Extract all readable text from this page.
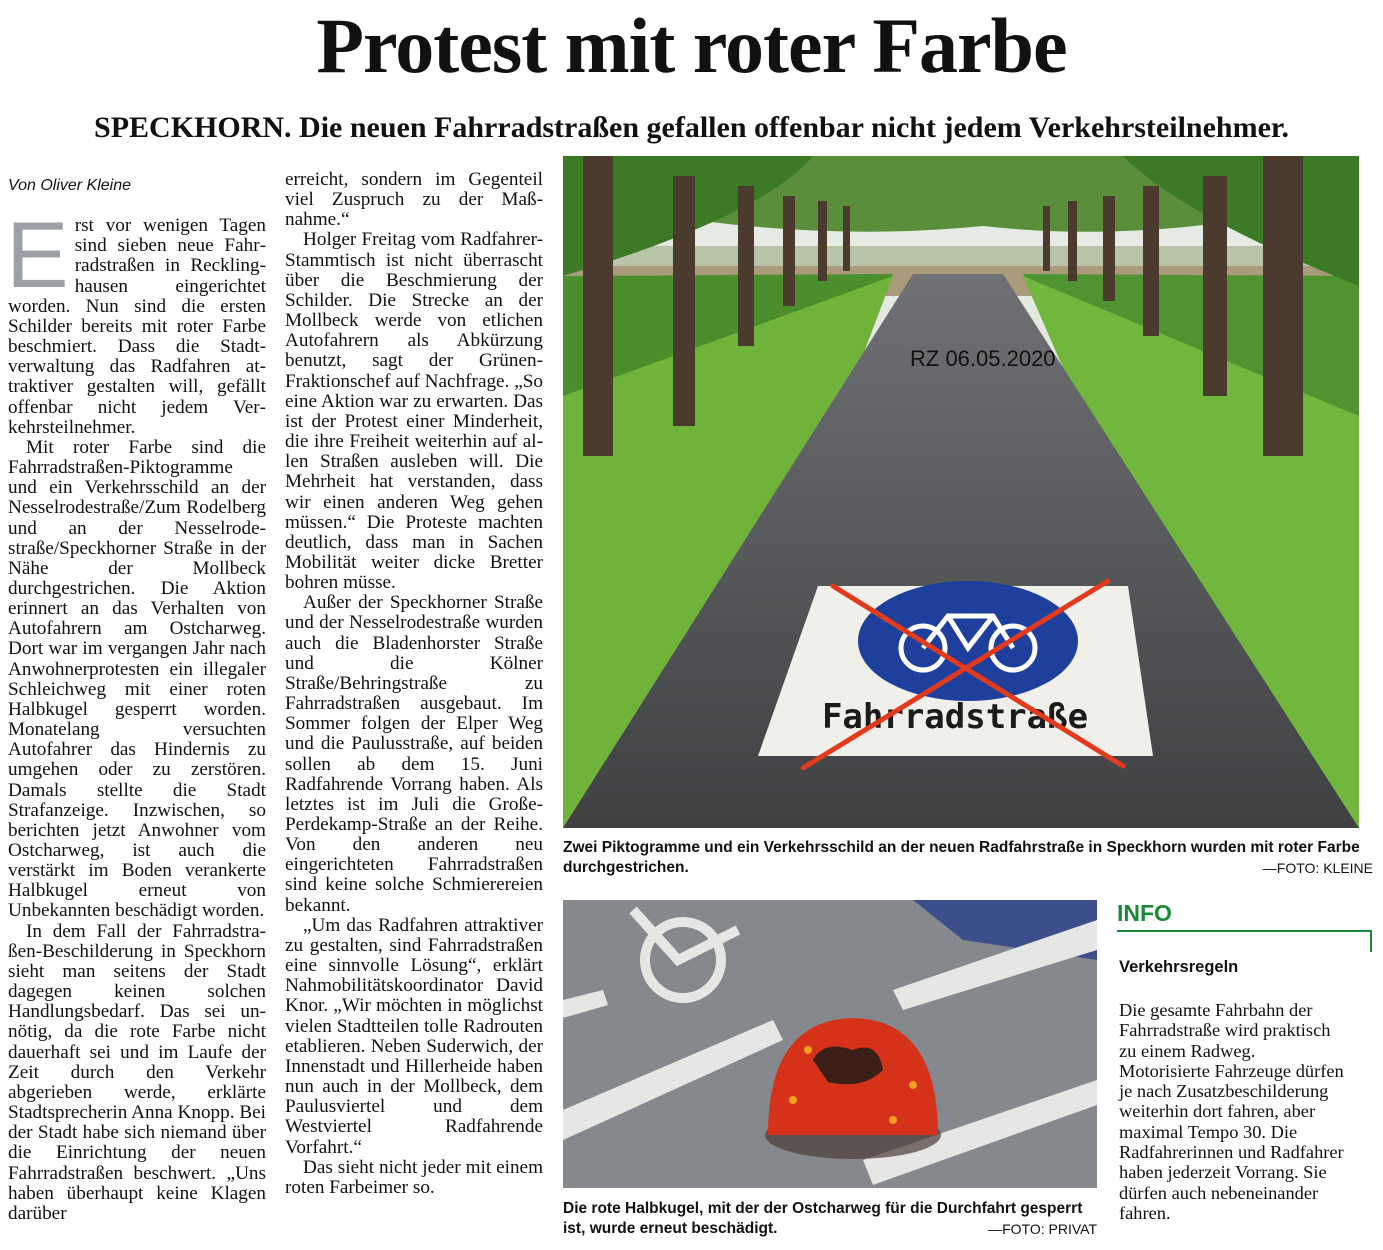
Protest mit roter Farbe
SPECKHORN. Die neuen Fahrradstraßen gefallen offenbar nicht jedem Verkehrsteilnehmer.
Von Oliver Kleine

Erst vor wenigen Tagen sind sieben neue Fahrradstraßen in Recklinghausen eingerichtet worden. Nun sind die ersten Schilder bereits mit roter Farbe beschmiert. Dass die Stadtverwaltung das Radfahren attraktiver gestalten will, gefällt offenbar nicht jedem Verkehrsteilnehmer.

Mit roter Farbe sind die Fahrradstraßen-Piktogramme und ein Verkehrsschild an der Nesselrodestraße/Zum Rodelberg und an der Nesselrodestraße/Speckhorner Straße in der Nähe der Mollbeck durchgestrichen. Die Aktion erinnert an das Verhalten von Autofahrern am Ostcharweg. Dort war im vergangen Jahr nach Anwohnerprotesten ein illegaler Schleichweg mit einer roten Halbkugel gesperrt worden. Monatelang versuchten Autofahrer das Hindernis zu umgehen oder zu zerstören. Damals stellte die Stadt Strafanzeige. Inzwischen, so berichten jetzt Anwohner vom Ostcharweg, ist auch die verstärkt im Boden verankerte Halbkugel erneut von Unbekannten beschädigt worden.

In dem Fall der Fahrradstraßen-Beschilderung in Speckhorn sieht man seitens der Stadt dagegen keinen solchen Handlungsbedarf. Das sei unnötig, da die rote Farbe nicht dauerhaft sei und im Laufe der Zeit durch den Verkehr abgerieben werde, erklärte Stadtsprecherin Anna Knopp. Bei der Stadt habe sich niemand über die Einrichtung der neuen Fahrradstraßen beschwert. „Uns haben überhaupt keine Klagen darüber

erreicht, sondern im Gegenteil viel Zuspruch zu der Maßnahme.“

Holger Freitag vom Radfahrer-Stammtisch ist nicht überrascht über die Beschmierung der Schilder. Die Strecke an der Mollbeck werde von etlichen Autofahrern als Abkürzung benutzt, sagt der Grünen-Fraktionschef auf Nachfrage. „So eine Aktion war zu erwarten. Das ist der Protest einer Minderheit, die ihre Freiheit weiterhin auf allen Straßen ausleben will. Die Mehrheit hat verstanden, dass wir einen anderen Weg gehen müssen.“ Die Proteste machten deutlich, dass man in Sachen Mobilität weiter dicke Bretter bohren müsse.

Außer der Speckhorner Straße und der Nesselrodestraße wurden auch die Bladenhorster Straße und die Kölner Straße/Behringstraße zu Fahrradstraßen ausgebaut. Im Sommer folgen der Elper Weg und die Paulusstraße, auf beiden sollen ab dem 15. Juni Radfahrende Vorrang haben. Als letztes ist im Juli die Große-Perdekamp-Straße an der Reihe. Von den anderen neu eingerichteten Fahrradstraßen sind keine solche Schmierereien bekannt.

„Um das Radfahren attraktiver zu gestalten, sind Fahrradstraßen eine sinnvolle Lösung“, erklärt Nahmobilitätskoordinator David Knor. „Wir möchten in möglichst vielen Stadtteilen tolle Radrouten etablieren. Neben Suderwich, der Innenstadt und Hillerheide haben nun auch in der Mollbeck, dem Paulusviertel und dem Westviertel Radfahrende Vorfahrt.“

Das sieht nicht jeder mit einem roten Farbeimer so.

Fahrradstraße
RZ 06.05.2020
Zwei Piktogramme und ein Verkehrsschild an der neuen Radfahrstraße in Speckhorn wurden mit roter Farbe durchgestrichen.	—FOTO: KLEINE
Die rote Halbkugel, mit der der Ostcharweg für die Durchfahrt gesperrt ist, wurde erneut beschädigt.	—FOTO: PRIVAT
INFO
Verkehrsregeln
Die gesamte Fahrbahn der Fahrradstraße wird praktisch zu einem Radweg. Motorisierte Fahrzeuge dürfen je nach Zusatzbeschilderung weiterhin dort fahren, aber maximal Tempo 30. Die Radfahrerinnen und Radfahrer haben jederzeit Vorrang. Sie dürfen auch nebeneinander fahren.
